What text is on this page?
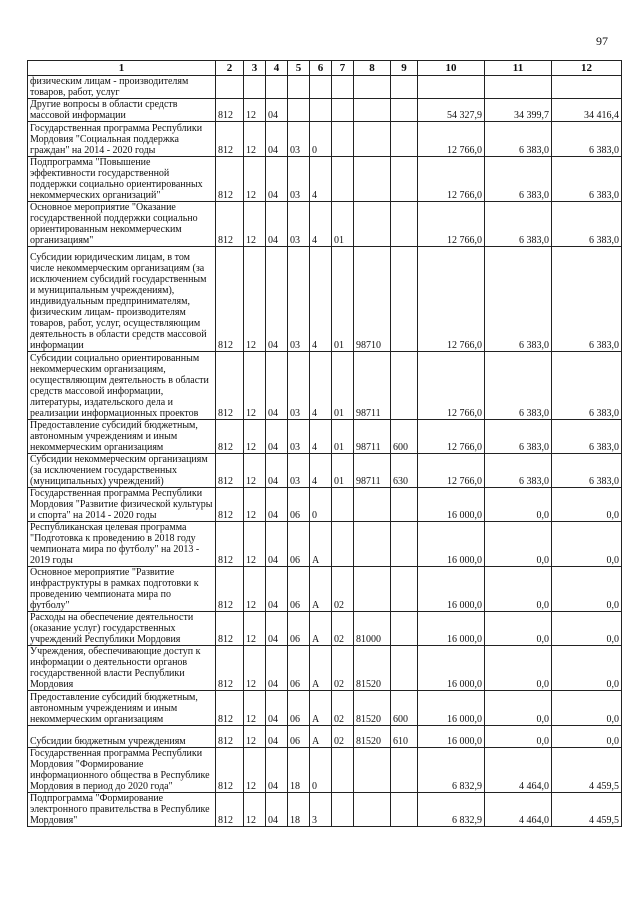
97
1	2	3	4	5	6	7	8	9	10	11	12
физическим лицам - производителям товаров, работ, услуг											
Другие вопросы в области средств массовой информации	812	12	04						54 327,9	34 399,7	34 416,4
Государственная программа Республики Мордовия "Социальная поддержка граждан" на 2014 - 2020 годы	812	12	04	03	0				12 766,0	6 383,0	6 383,0
Подпрограмма "Повышение эффективности государственной поддержки социально ориентированных некоммерческих организаций"	812	12	04	03	4				12 766,0	6 383,0	6 383,0
Основное мероприятие "Оказание государственной поддержки социально ориентированным некоммерческим организациям"	812	12	04	03	4	01			12 766,0	6 383,0	6 383,0
Субсидии юридическим лицам, в том числе некоммерческим организациям (за исключением субсидий государственным и муниципальным учреждениям), индивидуальным предпринимателям, физическим лицам- производителям товаров, работ, услуг, осуществляющим деятельность в области средств массовой информации	812	12	04	03	4	01	98710		12 766,0	6 383,0	6 383,0
Субсидии социально ориентированным некоммерческим организациям, осуществляющим деятельность в области средств массовой информации, литературы, издательского дела и реализации информационных проектов	812	12	04	03	4	01	98711		12 766,0	6 383,0	6 383,0
Предоставление субсидий бюджетным, автономным учреждениям и иным некоммерческим организациям	812	12	04	03	4	01	98711	600	12 766,0	6 383,0	6 383,0
Субсидии некоммерческим организациям (за исключением государственных (муниципальных) учреждений)	812	12	04	03	4	01	98711	630	12 766,0	6 383,0	6 383,0
Государственная программа Республики Мордовия "Развитие физической культуры и спорта" на 2014 - 2020 годы	812	12	04	06	0				16 000,0	0,0	0,0
Республиканская целевая программа "Подготовка к проведению в 2018 году чемпионата мира по футболу" на 2013 - 2019 годы	812	12	04	06	А				16 000,0	0,0	0,0
Основное мероприятие "Развитие инфраструктуры в рамках подготовки к проведению чемпионата мира по футболу"	812	12	04	06	А	02			16 000,0	0,0	0,0
Расходы на обеспечение деятельности (оказание услуг) государственных учреждений Республики Мордовия	812	12	04	06	А	02	81000		16 000,0	0,0	0,0
Учреждения, обеспечивающие доступ к информации о деятельности органов государственной власти Республики Мордовия	812	12	04	06	А	02	81520		16 000,0	0,0	0,0
Предоставление субсидий бюджетным, автономным учреждениям и иным некоммерческим организациям	812	12	04	06	А	02	81520	600	16 000,0	0,0	0,0
Субсидии бюджетным учреждениям	812	12	04	06	А	02	81520	610	16 000,0	0,0	0,0
Государственная программа Республики Мордовия "Формирование информационного общества в Республике Мордовия в период до 2020 года"	812	12	04	18	0				6 832,9	4 464,0	4 459,5
Подпрограмма "Формирование электронного правительства в Республике Мордовия"	812	12	04	18	3				6 832,9	4 464,0	4 459,5
